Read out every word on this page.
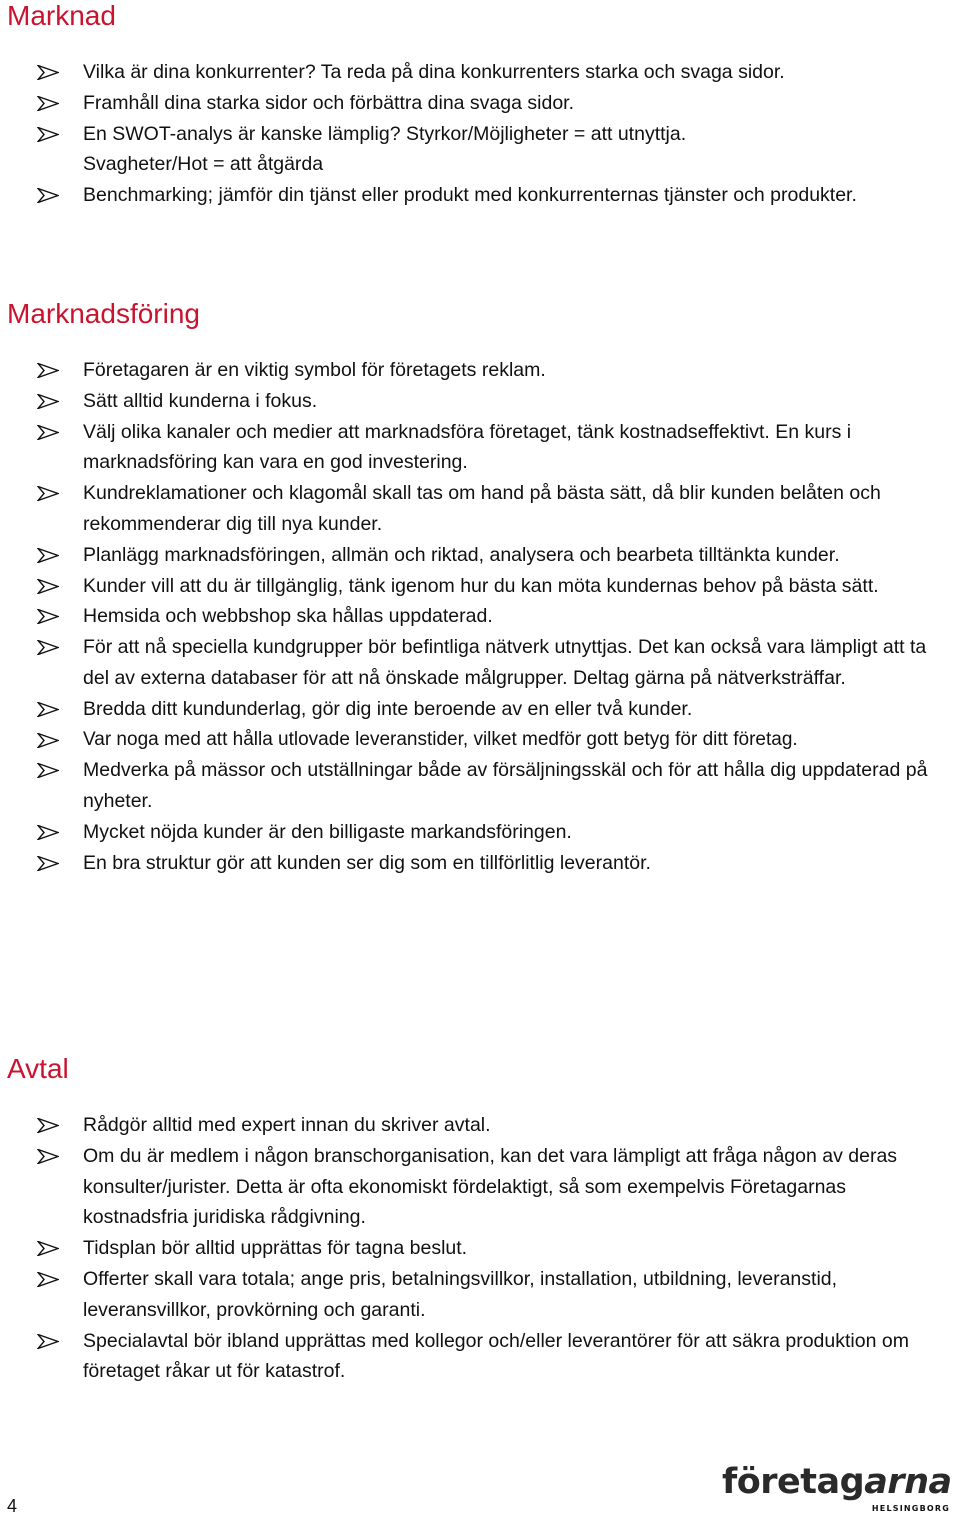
Marknad
Vilka är dina konkurrenter? Ta reda på dina konkurrenters starka och svaga sidor.
Framhåll dina starka sidor och förbättra dina svaga sidor.
En SWOT-analys är kanske lämplig? Styrkor/Möjligheter = att utnyttja. Svagheter/Hot = att åtgärda
Benchmarking; jämför din tjänst eller produkt med konkurrenternas tjänster och produkter.
Marknadsföring
Företagaren är en viktig symbol för företagets reklam.
Sätt alltid kunderna i fokus.
Välj olika kanaler och medier att marknadsföra företaget, tänk kostnadseffektivt. En kurs i marknadsföring kan vara en god investering.
Kundreklamationer och klagomål skall tas om hand på bästa sätt, då blir kunden belåten och rekommenderar dig till nya kunder.
Planlägg marknadsföringen, allmän och riktad, analysera och bearbeta tilltänkta kunder.
Kunder vill att du är tillgänglig, tänk igenom hur du kan möta kundernas behov på bästa sätt.
Hemsida och webbshop ska hållas uppdaterad.
För att nå speciella kundgrupper bör befintliga nätverk utnyttjas. Det kan också vara lämpligt att ta del av externa databaser för att nå önskade målgrupper. Deltag gärna på nätverksträffar.
Bredda ditt kundunderlag, gör dig inte beroende av en eller två kunder.
Var noga med att hålla utlovade leveranstider, vilket medför gott betyg för ditt företag.
Medverka på mässor och utställningar både av försäljningsskäl och för att hålla dig uppdaterad på nyheter.
Mycket nöjda kunder är den billigaste markandsföringen.
En bra struktur gör att kunden ser dig som en tillförlitlig leverantör.
Avtal
Rådgör alltid med expert innan du skriver avtal.
Om du är medlem i någon branschorganisation, kan det vara lämpligt att fråga någon av deras konsulter/jurister. Detta är ofta ekonomiskt fördelaktigt, så som exempelvis Företagarnas kostnadsfria juridiska rådgivning.
Tidsplan bör alltid upprättas för tagna beslut.
Offerter skall vara totala; ange pris, betalningsvillkor, installation, utbildning, leveranstid, leveransvillkor, provkörning och garanti.
Specialavtal bör ibland upprättas med kollegor och/eller leverantörer för att säkra produktion om företaget råkar ut för katastrof.
4
företagarna
HELSINGBORG
